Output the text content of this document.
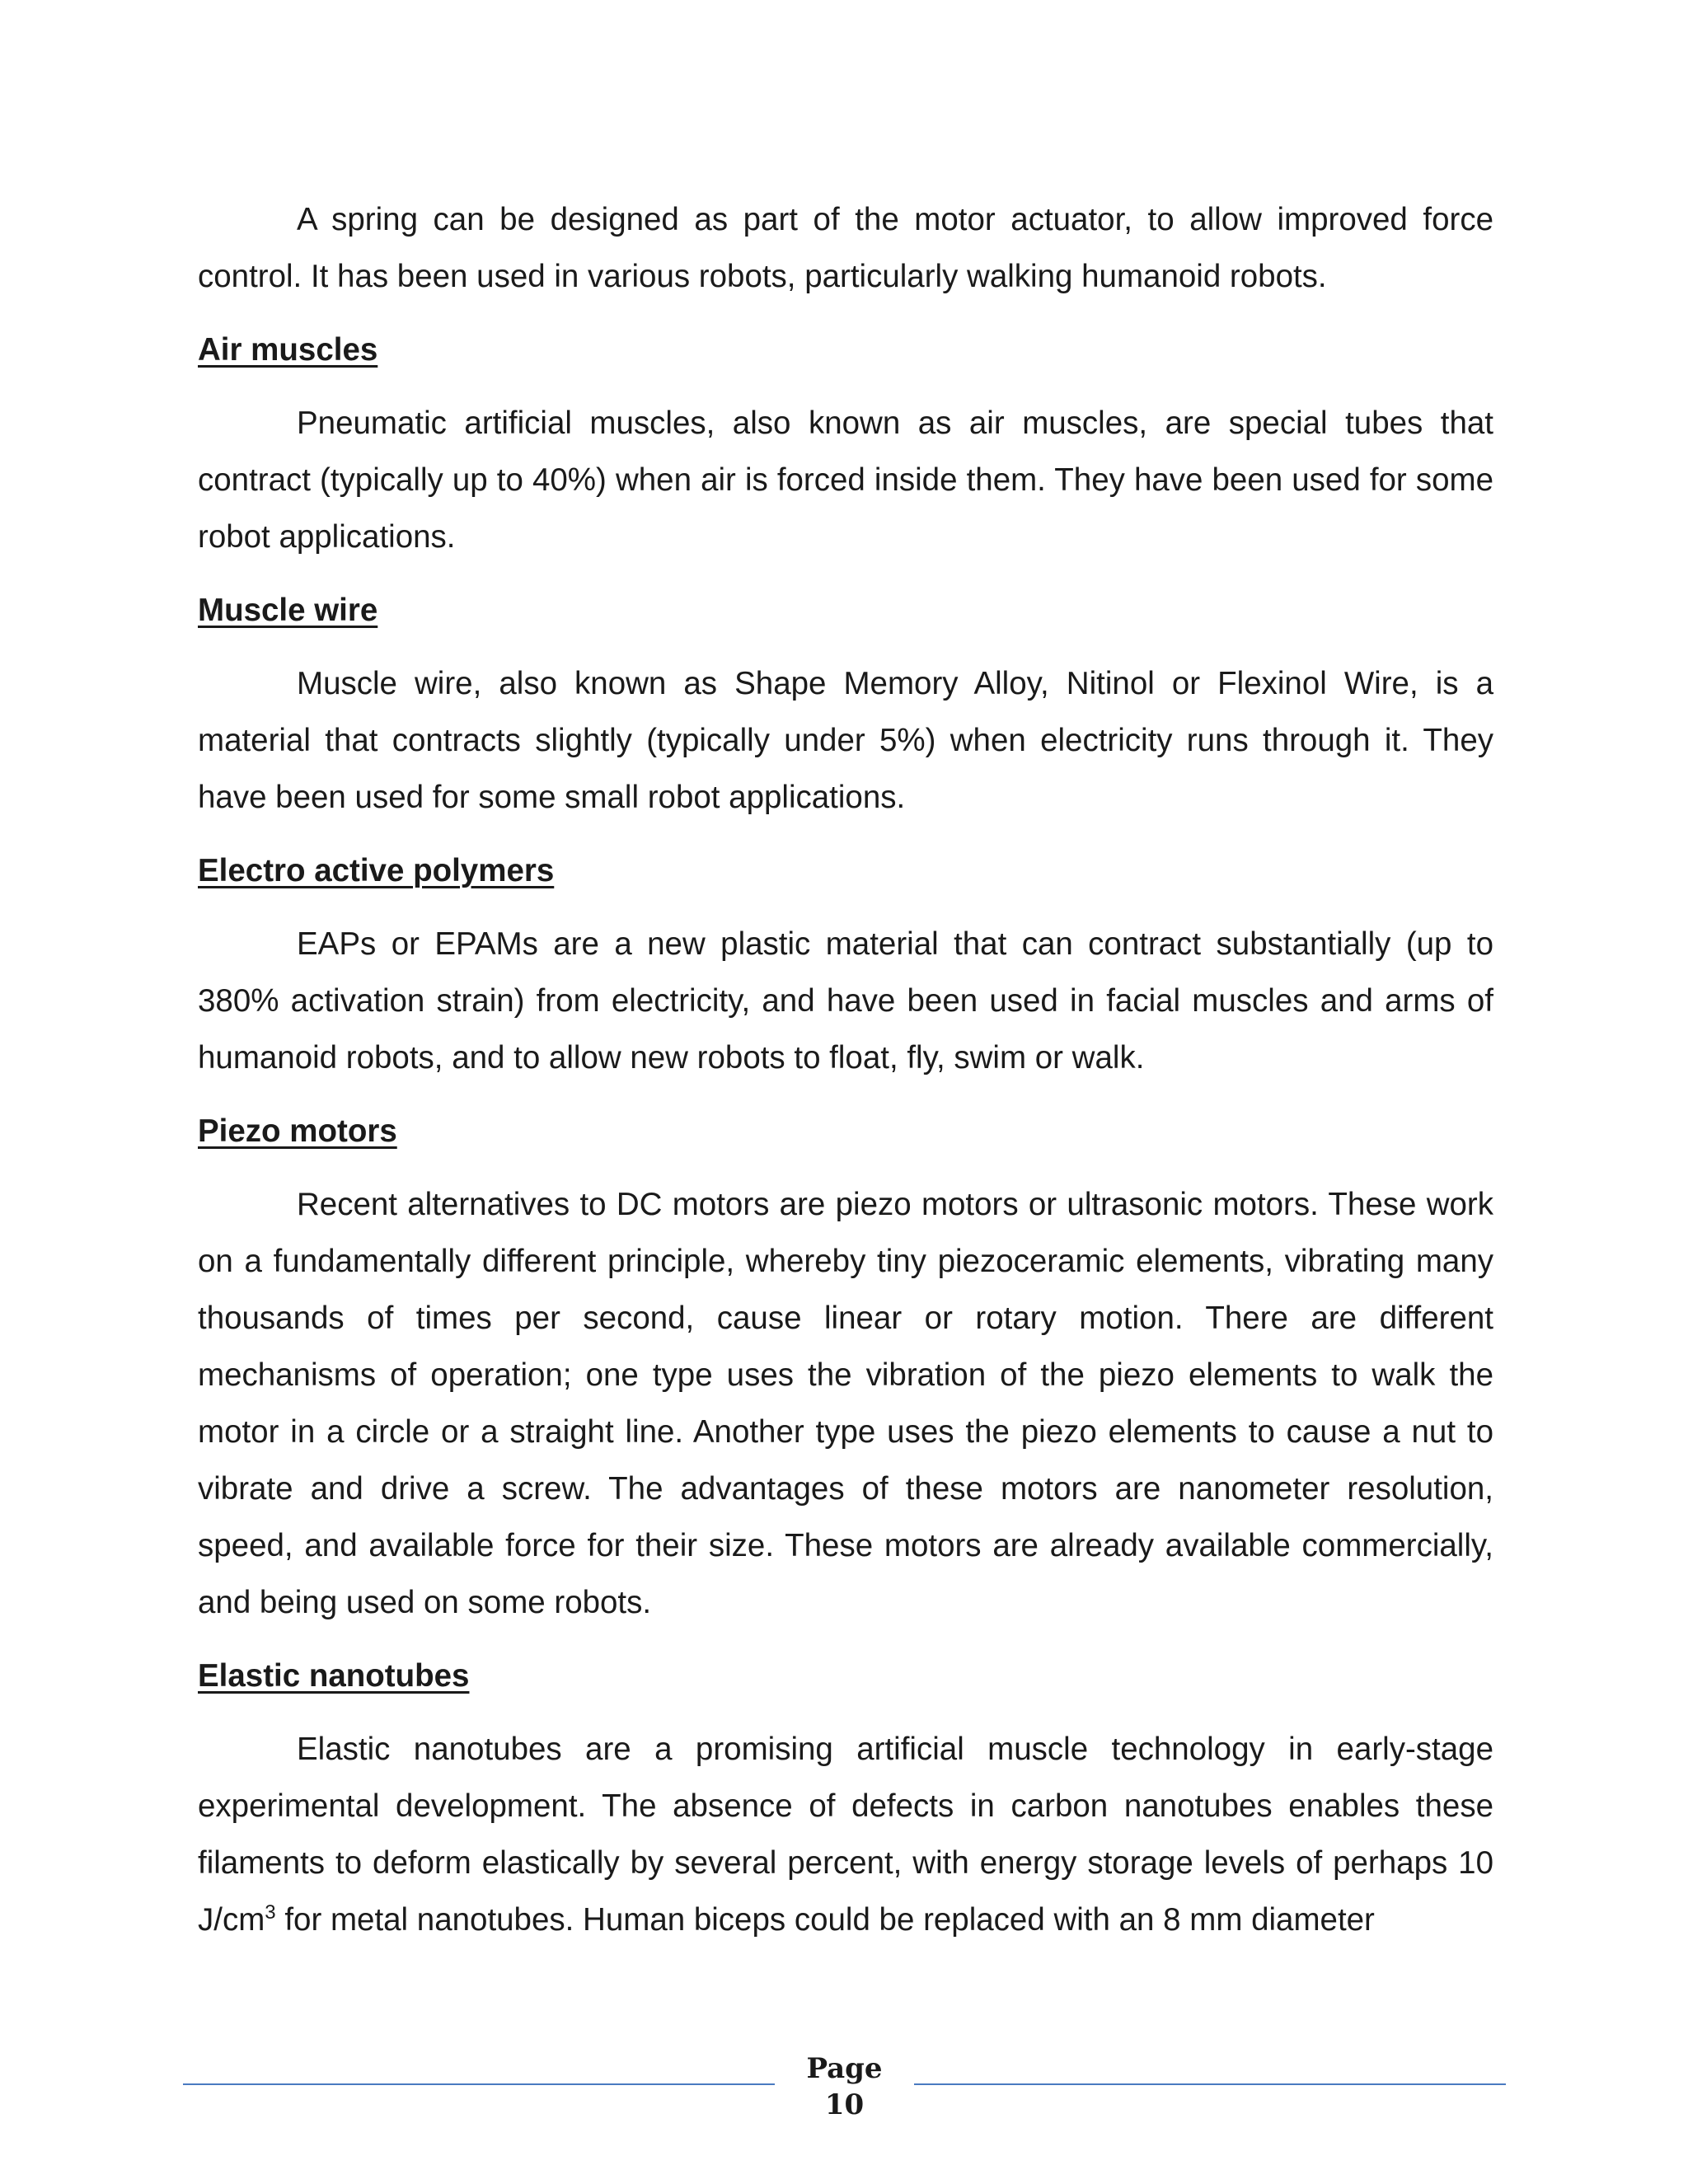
A spring can be designed as part of the motor actuator, to allow improved force control. It has been used in various robots, particularly walking humanoid robots.

Air muscles

Pneumatic artificial muscles, also known as air muscles, are special tubes that contract (typically up to 40%) when air is forced inside them. They have been used for some robot applications.

Muscle wire

Muscle wire, also known as Shape Memory Alloy, Nitinol or Flexinol Wire, is a material that contracts slightly (typically under 5%) when electricity runs through it. They have been used for some small robot applications.

Electro active polymers

EAPs or EPAMs are a new plastic material that can contract substantially (up to 380% activation strain) from electricity, and have been used in facial muscles and arms of humanoid robots, and to allow new robots to float, fly, swim or walk.

Piezo motors

Recent alternatives to DC motors are piezo motors or ultrasonic motors. These work on a fundamentally different principle, whereby tiny piezoceramic elements, vibrating many thousands of times per second, cause linear or rotary motion. There are different mechanisms of operation; one type uses the vibration of the piezo elements to walk the motor in a circle or a straight line. Another type uses the piezo elements to cause a nut to vibrate and drive a screw. The advantages of these motors are nanometer resolution, speed, and available force for their size. These motors are already available commercially, and being used on some robots.

Elastic nanotubes

Elastic nanotubes are a promising artificial muscle technology in early-stage experimental development. The absence of defects in carbon nanotubes enables these filaments to deform elastically by several percent, with energy storage levels of perhaps 10 $J/cm^3$ for metal nanotubes. Human biceps could be replaced with an 8 mm diameter

Page
10
